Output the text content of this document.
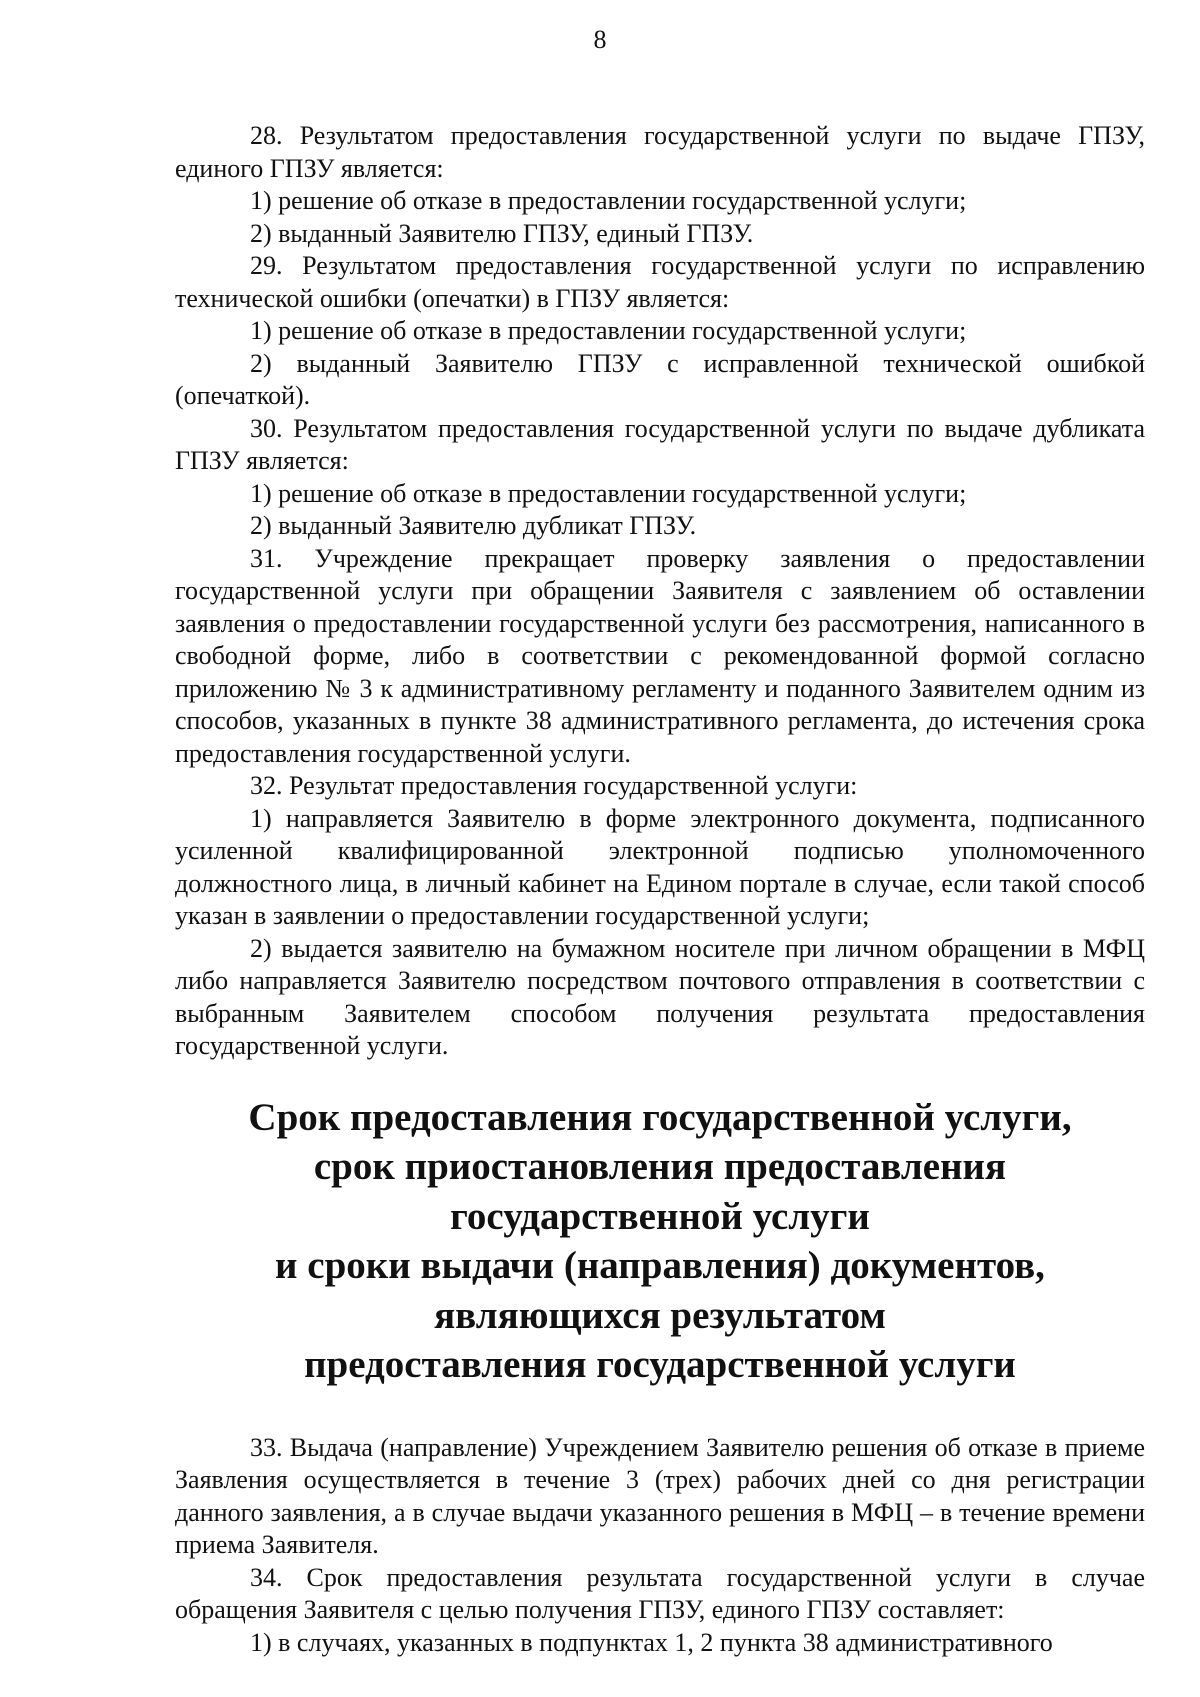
8

28. Результатом предоставления государственной услуги по выдаче ГПЗУ, единого ГПЗУ является:

1) решение об отказе в предоставлении государственной услуги;

2) выданный Заявителю ГПЗУ, единый ГПЗУ.

29. Результатом предоставления государственной услуги по исправлению технической ошибки (опечатки) в ГПЗУ является:

1) решение об отказе в предоставлении государственной услуги;

2) выданный Заявителю ГПЗУ с исправленной технической ошибкой (опечаткой).

30. Результатом предоставления государственной услуги по выдаче дубликата ГПЗУ является:

1) решение об отказе в предоставлении государственной услуги;

2) выданный Заявителю дубликат ГПЗУ.

31. Учреждение прекращает проверку заявления о предоставлении государственной услуги при обращении Заявителя с заявлением об оставлении заявления о предоставлении государственной услуги без рассмотрения, написанного в свободной форме, либо в соответствии с рекомендованной формой согласно приложению № 3 к административному регламенту и поданного Заявителем одним из способов, указанных в пункте 38 административного регламента, до истечения срока предоставления государственной услуги.

32. Результат предоставления государственной услуги:

1) направляется Заявителю в форме электронного документа, подписанного усиленной квалифицированной электронной подписью уполномоченного должностного лица, в личный кабинет на Едином портале в случае, если такой способ указан в заявлении о предоставлении государственной услуги;

2) выдается заявителю на бумажном носителе при личном обращении в МФЦ либо направляется Заявителю посредством почтового отправления в соответствии с выбранным Заявителем способом получения результата предоставления государственной услуги.

Срок предоставления государственной услуги,
срок приостановления предоставления государственной услуги
и сроки выдачи (направления) документов, являющихся результатом
предоставления государственной услуги

33. Выдача (направление) Учреждением Заявителю решения об отказе в приеме Заявления осуществляется в течение 3 (трех) рабочих дней со дня регистрации данного заявления, а в случае выдачи указанного решения в МФЦ – в течение времени приема Заявителя.

34. Срок предоставления результата государственной услуги в случае обращения Заявителя с целью получения ГПЗУ, единого ГПЗУ составляет:

1) в случаях, указанных в подпунктах 1, 2 пункта 38 административного
